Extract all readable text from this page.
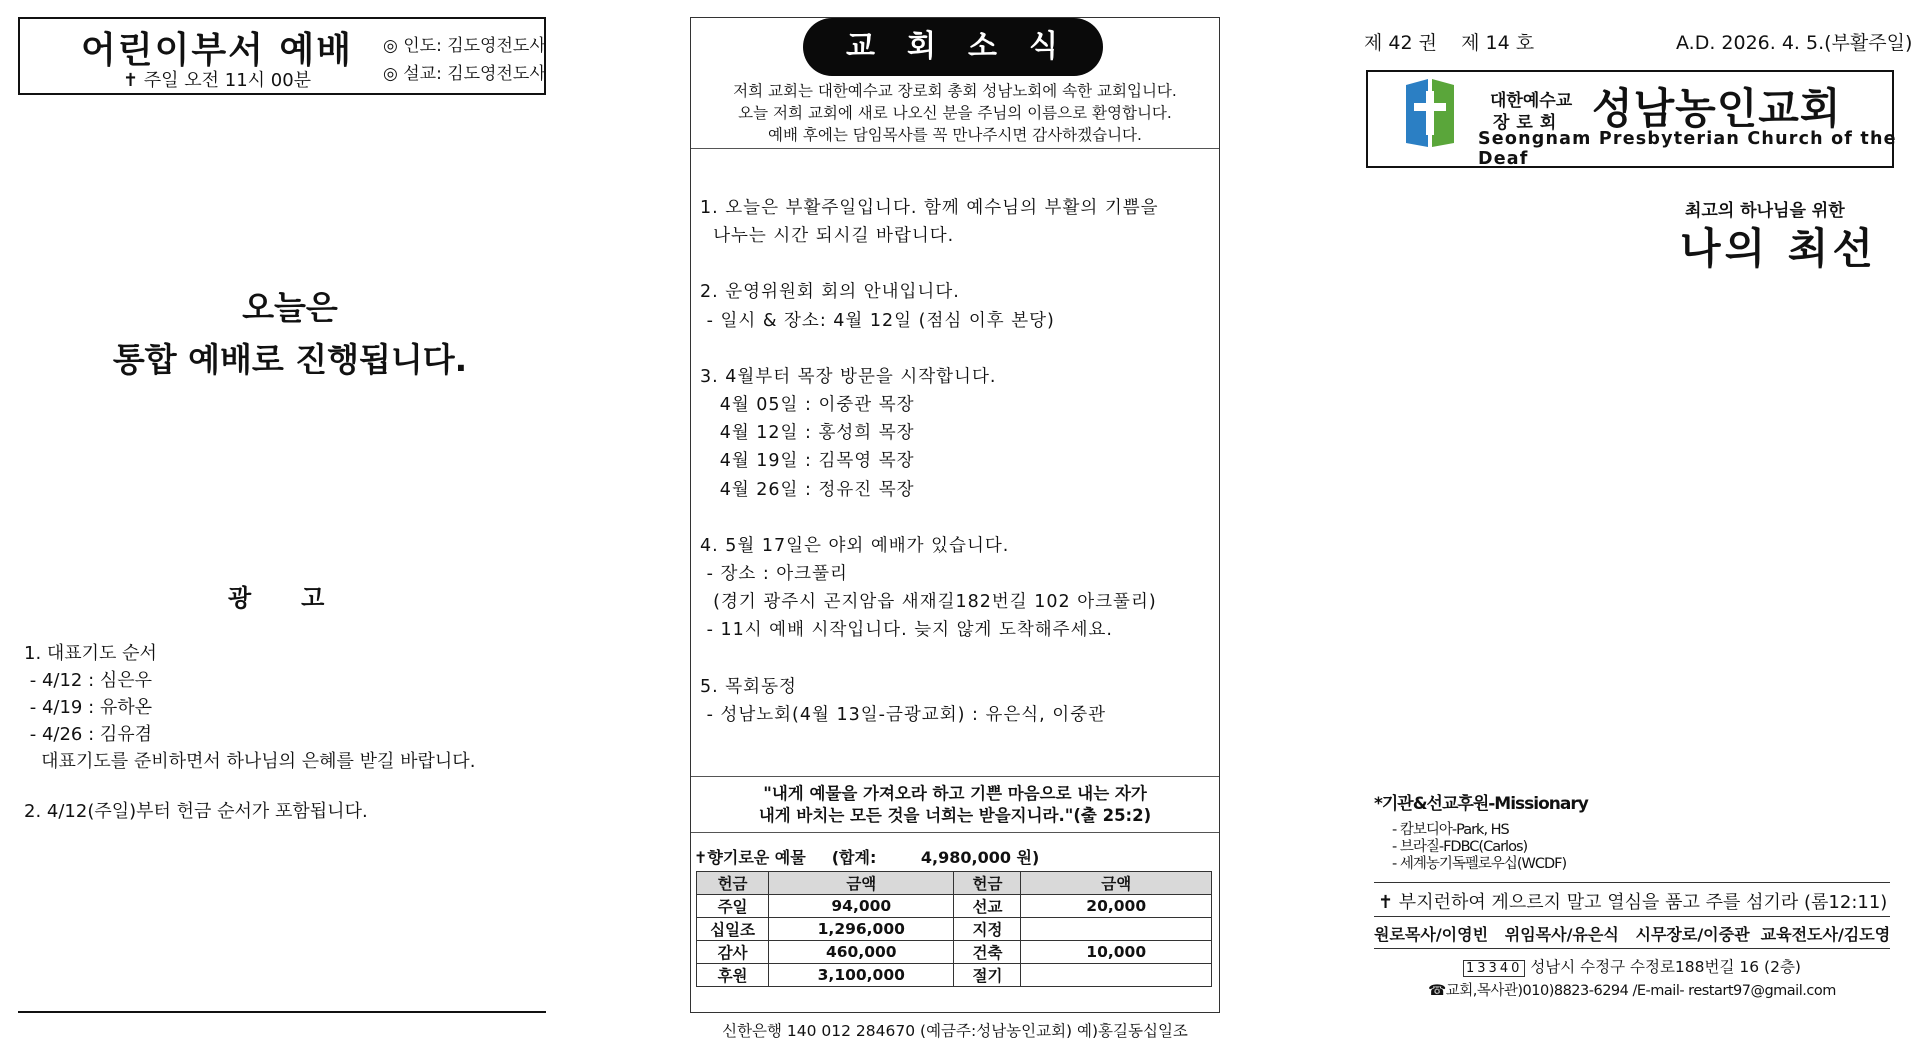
어린이부서 예배
✝ 주일 오전 11시 00분
◎ 인도: 김도영전도사
◎ 설교: 김도영전도사
오늘은
통합 예배로 진행됩니다.
광고
1. 대표기도 순서
- 4/12 : 심은우
- 4/19 : 유하온
- 4/26 : 김유겸
대표기도를 준비하면서 하나님의 은혜를 받길 바랍니다.
2. 4/12(주일)부터 헌금 순서가 포함됩니다.
교회소식
저희 교회는 대한예수교 장로회 총회 성남노회에 속한 교회입니다.
오늘 저희 교회에 새로 나오신 분을 주님의 이름으로 환영합니다.
예배 후에는 담임목사를 꼭 만나주시면 감사하겠습니다.
1. 오늘은 부활주일입니다. 함께 예수님의 부활의 기쁨을
나누는 시간 되시길 바랍니다.
2. 운영위원회 회의 안내입니다.
- 일시 & 장소: 4월 12일 (점심 이후 본당)
3. 4월부터 목장 방문을 시작합니다.
4월 05일 : 이중관 목장
4월 12일 : 홍성희 목장
4월 19일 : 김목영 목장
4월 26일 : 정유진 목장
4. 5월 17일은 야외 예배가 있습니다.
- 장소 : 아크풀리
(경기 광주시 곤지암읍 새재길182번길 102 아크풀리)
- 11시 예배 시작입니다. 늦지 않게 도착해주세요.
5. 목회동정
- 성남노회(4월 13일-금광교회) : 유은식, 이중관
"내게 예물을 가져오라 하고 기쁜 마음으로 내는 자가
내게 바치는 모든 것을 너희는 받을지니라."(출 25:2)
✝향기로운 예물 (합계:        4,980,000 원)
헌금	금액	헌금	금액
주일	94,000	선교	20,000
십일조	1,296,000	지정	
감사	460,000	건축	10,000
후원	3,100,000	절기	
신한은행 140 012 284670 (예금주:성남농인교회) 예)홍길동십일조
제 42 권    제 14 호	A.D. 2026. 4. 5.(부활주일)
대한예수교
장로회 성남농인교회
Seongnam Presbyterian Church of the Deaf
최고의 하나님을 위한
나의 최선
*기관&선교후원-Missionary
- 캄보디아-Park, HS
- 브라질-FDBC(Carlos)
- 세계농기독펠로우십(WCDF)
✝ 부지런하여 게으르지 말고 열심을 품고 주를 섬기라 (롬12:11)
원로목사/이영빈   위임목사/유은식   시무장로/이중관  교육전도사/김도영
13340 성남시 수정구 수정로188번길 16 (2층)
☎교회,목사관)010)8823-6294 /E-mail- restart97@gmail.com
